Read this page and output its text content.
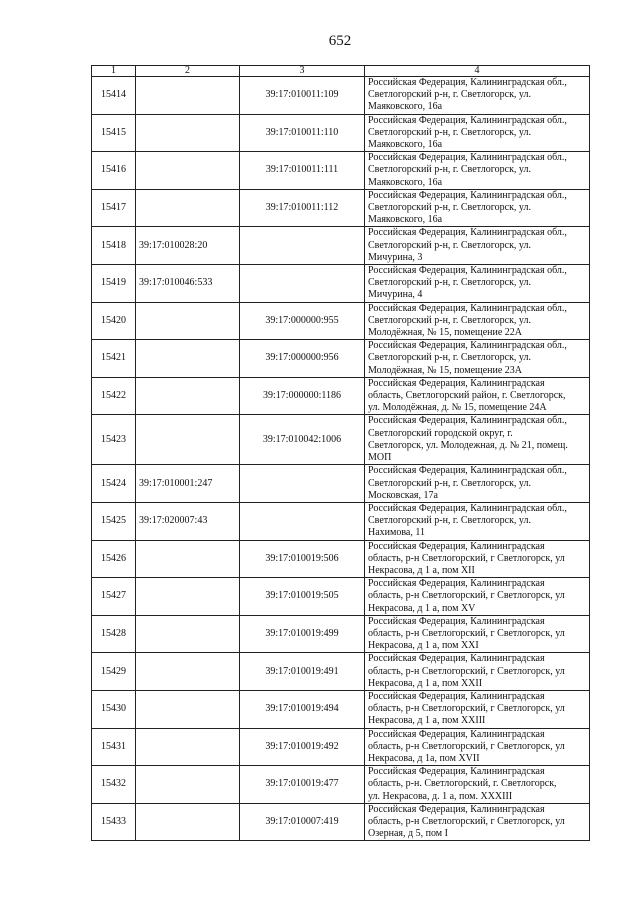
652
1	2	3	4
15414		39:17:010011:109	Российская Федерация, Калининградская обл.,
Светлогорский р-н, г. Светлогорск, ул.
Маяковского, 16а

15415		39:17:010011:110	Российская Федерация, Калининградская обл.,
Светлогорский р-н, г. Светлогорск, ул.
Маяковского, 16а

15416		39:17:010011:111	Российская Федерация, Калининградская обл.,
Светлогорский р-н, г. Светлогорск, ул.
Маяковского, 16а

15417		39:17:010011:112	Российская Федерация, Калининградская обл.,
Светлогорский р-н, г. Светлогорск, ул.
Маяковского, 16а

15418	39:17:010028:20		Российская Федерация, Калининградская обл.,
Светлогорский р-н, г. Светлогорск, ул.
Мичурина, 3

15419	39:17:010046:533		Российская Федерация, Калининградская обл.,
Светлогорский р-н, г. Светлогорск, ул.
Мичурина, 4

15420		39:17:000000:955	Российская Федерация, Калининградская обл.,
Светлогорский р-н, г. Светлогорск, ул.
Молодёжная, № 15, помещение 22А

15421		39:17:000000:956	Российская Федерация, Калининградская обл.,
Светлогорский р-н, г. Светлогорск, ул.
Молодёжная, № 15, помещение 23А

15422		39:17:000000:1186	Российская Федерация, Калининградская
область, Светлогорский район, г. Светлогорск,
ул. Молодёжная, д. № 15, помещение 24А

15423		39:17:010042:1006	Российская Федерация, Калининградская обл.,
Светлогорский городской округ, г.
Светлогорск, ул. Молодежная, д. № 21, помещ.
МОП

15424	39:17:010001:247		Российская Федерация, Калининградская обл.,
Светлогорский р-н, г. Светлогорск, ул.
Московская, 17а

15425	39:17:020007:43		Российская Федерация, Калининградская обл.,
Светлогорский р-н, г. Светлогорск, ул.
Нахимова, 11

15426		39:17:010019:506	Российская Федерация, Калининградская
область, р-н Светлогорский, г Светлогорск, ул
Некрасова, д 1 а, пом XII

15427		39:17:010019:505	Российская Федерация, Калининградская
область, р-н Светлогорский, г Светлогорск, ул
Некрасова, д 1 а, пом XV

15428		39:17:010019:499	Российская Федерация, Калининградская
область, р-н Светлогорский, г Светлогорск, ул
Некрасова, д 1 а, пом XXI

15429		39:17:010019:491	Российская Федерация, Калининградская
область, р-н Светлогорский, г Светлогорск, ул
Некрасова, д 1 а, пом XXII

15430		39:17:010019:494	Российская Федерация, Калининградская
область, р-н Светлогорский, г Светлогорск, ул
Некрасова, д 1 а, пом XXIII

15431		39:17:010019:492	Российская Федерация, Калининградская
область, р-н Светлогорский, г Светлогорск, ул
Некрасова, д 1а, пом XVII

15432		39:17:010019:477	Российская Федерация, Калининградская
область, р-н. Светлогорский, г. Светлогорск,
ул. Некрасова, д. 1 а, пом. XXXIII

15433		39:17:010007:419	Российская Федерация, Калининградская
область, р-н Светлогорский, г Светлогорск, ул
Озерная, д 5, пом I
